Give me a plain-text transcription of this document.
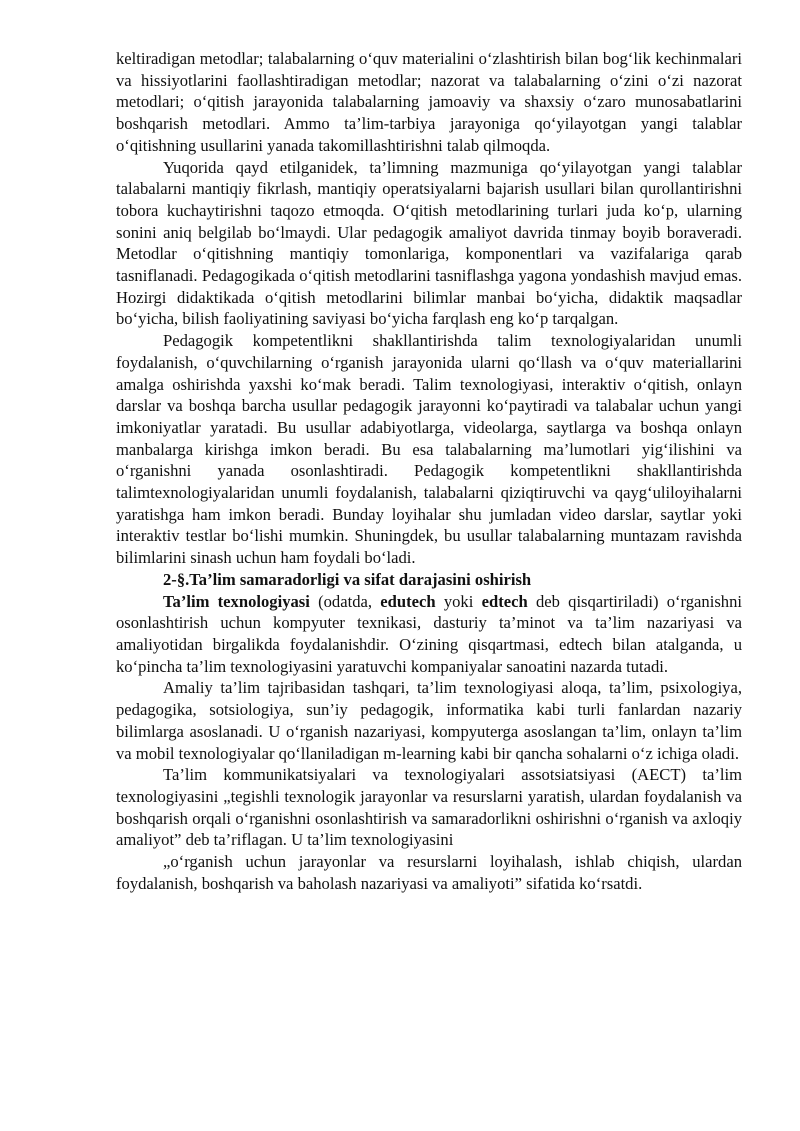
keltiradigan metodlar; talabalarning o‘quv materialini o‘zlashtirish bilan bog‘lik kechinmalari va hissiyotlarini faollashtiradigan metodlar; nazorat va talabalarning o‘zini o‘zi nazorat metodlari; o‘qitish jarayonida talabalarning jamoaviy va shaxsiy o‘zaro munosabatlarini boshqarish metodlari. Ammo ta’lim-tarbiya jarayoniga qo‘yilayotgan yangi talablar o‘qitishning usullarini yanada takomillashtirishni talab qilmoqda.

Yuqorida qayd etilganidek, ta’limning mazmuniga qo‘yilayotgan yangi talablar talabalarni mantiqiy fikrlash, mantiqiy operatsiyalarni bajarish usullari bilan qurollantirishni tobora kuchaytirishni taqozo etmoqda. O‘qitish metodlarining turlari juda ko‘p, ularning sonini aniq belgilab bo‘lmaydi. Ular pedagogik amaliyot davrida tinmay boyib boraveradi. Metodlar o‘qitishning mantiqiy tomonlariga, komponentlari va vazifalariga qarab tasniflanadi. Pedagogikada o‘qitish metodlarini tasniflashga yagona yondashish mavjud emas. Hozirgi didaktikada o‘qitish metodlarini bilimlar manbai bo‘yicha, didaktik maqsadlar bo‘yicha, bilish faoliyatining saviyasi bo‘yicha farqlash eng ko‘p tarqalgan.

Pedagogik kompetentlikni shakllantirishda talim texnologiyalaridan unumli foydalanish, o‘quvchilarning o‘rganish jarayonida ularni qo‘llash va o‘quv materiallarini amalga oshirishda yaxshi ko‘mak beradi. Talim texnologiyasi, interaktiv o‘qitish, onlayn darslar va boshqa barcha usullar pedagogik jarayonni ko‘paytiradi va talabalar uchun yangi imkoniyatlar yaratadi. Bu usullar adabiyotlarga, videolarga, saytlarga va boshqa onlayn manbalarga kirishga imkon beradi. Bu esa talabalarning ma’lumotlari yig‘ilishini va o‘rganishni yanada osonlashtiradi. Pedagogik kompetentlikni shakllantirishda talimtexnologiyalaridan unumli foydalanish, talabalarni qiziqtiruvchi va qayg‘uliloyihalarni yaratishga ham imkon beradi. Bunday loyihalar shu jumladan video darslar, saytlar yoki interaktiv testlar bo‘lishi mumkin. Shuningdek, bu usullar talabalarning muntazam ravishda bilimlarini sinash uchun ham foydali bo‘ladi.

2-§.Ta’lim samaradorligi va sifat darajasini oshirish

Ta’lim texnologiyasi (odatda, edutech yoki edtech deb qisqartiriladi) o‘rganishni osonlashtirish uchun kompyuter texnikasi, dasturiy ta’minot va ta’lim nazariyasi va amaliyotidan birgalikda foydalanishdir. O‘zining qisqartmasi, edtech bilan atalganda, u ko‘pincha ta’lim texnologiyasini yaratuvchi kompaniyalar sanoatini nazarda tutadi.

Amaliy ta’lim tajribasidan tashqari, ta’lim texnologiyasi aloqa, ta’lim, psixologiya, pedagogika, sotsiologiya, sun’iy pedagogik, informatika kabi turli fanlardan nazariy bilimlarga asoslanadi. U o‘rganish nazariyasi, kompyuterga asoslangan ta’lim, onlayn ta’lim va mobil texnologiyalar qo‘llaniladigan m-learning kabi bir qancha sohalarni o‘z ichiga oladi.

Ta’lim kommunikatsiyalari va texnologiyalari assotsiatsiyasi (AECT) ta’lim texnologiyasini „tegishli texnologik jarayonlar va resurslarni yaratish, ulardan foydalanish va boshqarish orqali o‘rganishni osonlashtirish va samaradorlikni oshirishni o‘rganish va axloqiy amaliyot” deb ta’riflagan. U ta’lim texnologiyasini

„o‘rganish uchun jarayonlar va resurslarni loyihalash, ishlab chiqish, ulardan foydalanish, boshqarish va baholash nazariyasi va amaliyoti” sifatida ko‘rsatdi.
